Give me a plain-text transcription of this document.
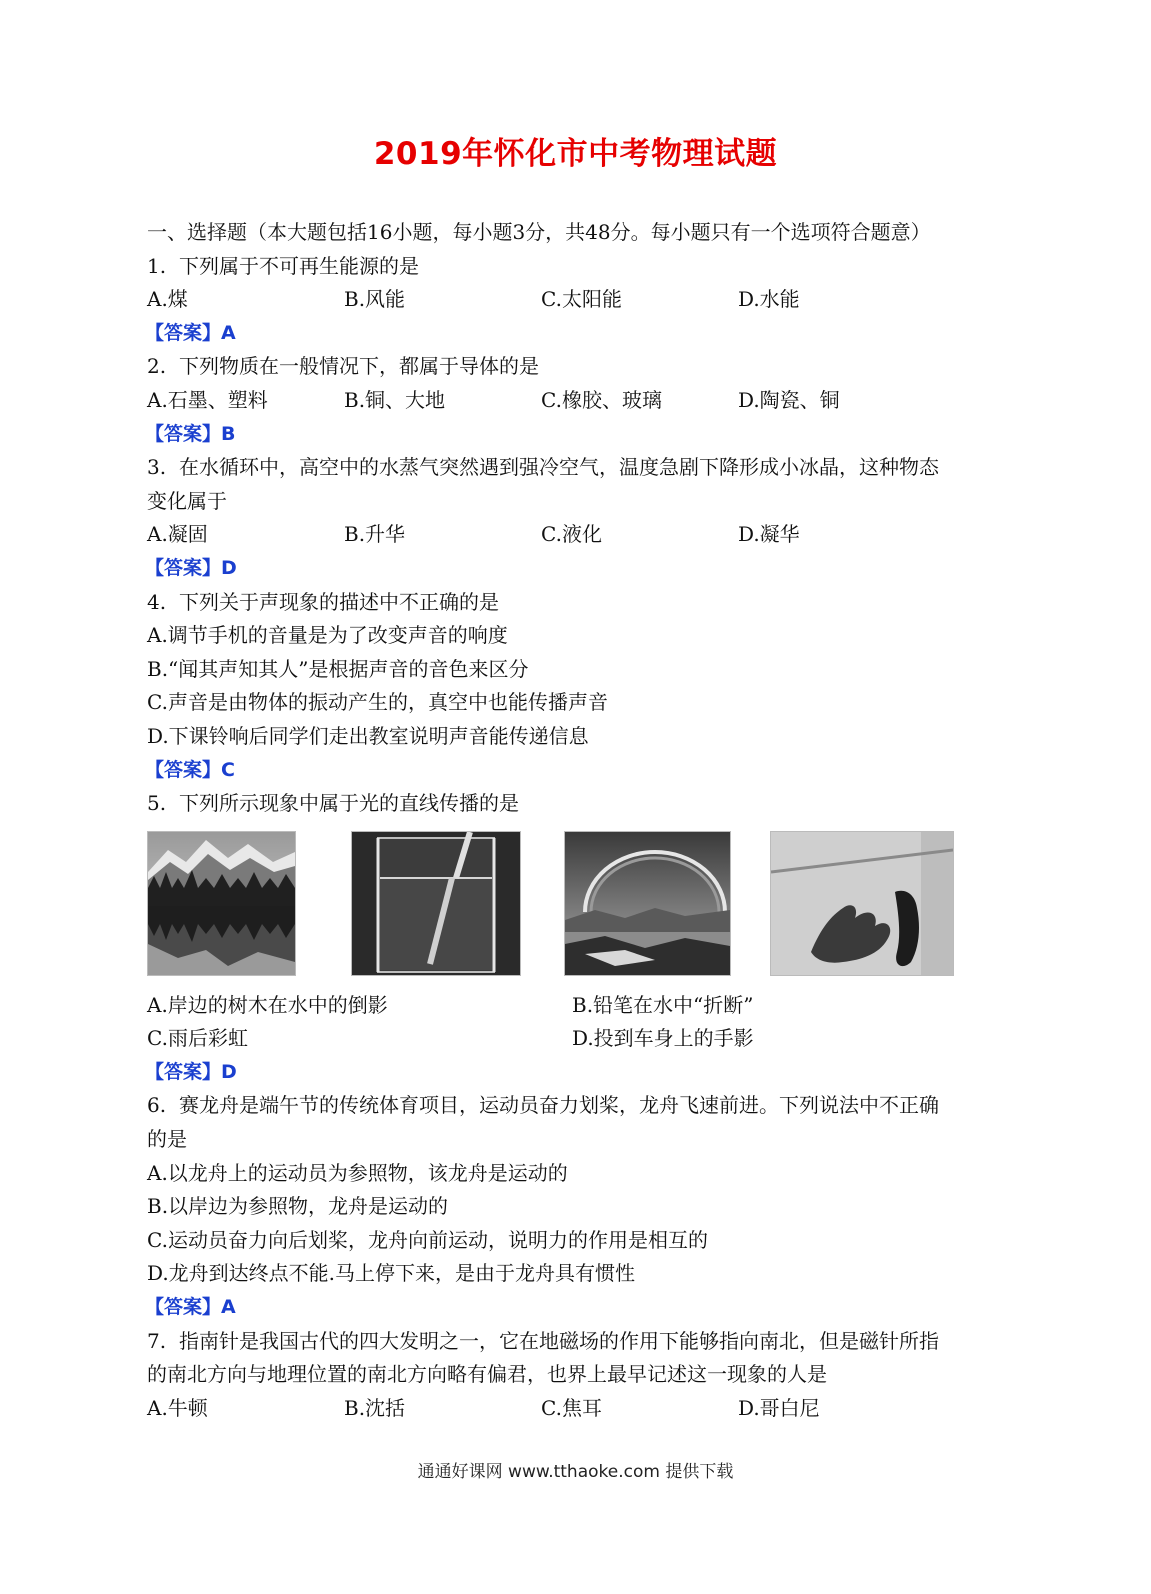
2019年怀化市中考物理试题
一、选择题（本大题包括16小题，每小题3分，共48分。每小题只有一个选项符合题意）
1. 下列属于不可再生能源的是
A.煤	B.风能	C.太阳能	D.水能
【答案】A
2. 下列物质在一般情况下，都属于导体的是
A.石墨、塑料	B.铜、大地	C.橡胶、玻璃	D.陶瓷、铜
【答案】B
3. 在水循环中，高空中的水蒸气突然遇到强冷空气，温度急剧下降形成小冰晶，这种物态
变化属于
A.凝固	B.升华	C.液化	D.凝华
【答案】D
4. 下列关于声现象的描述中不正确的是
A.调节手机的音量是为了改变声音的响度
B.“闻其声知其人”是根据声音的音色来区分
C.声音是由物体的振动产生的，真空中也能传播声音
D.下课铃响后同学们走出教室说明声音能传递信息
【答案】C
5. 下列所示现象中属于光的直线传播的是
A.岸边的树木在水中的倒影	B.铅笔在水中“折断”
C.雨后彩虹	D.投到车身上的手影
【答案】D
6. 赛龙舟是端午节的传统体育项目，运动员奋力划桨，龙舟飞速前进。下列说法中不正确
的是
A.以龙舟上的运动员为参照物，该龙舟是运动的
B.以岸边为参照物，龙舟是运动的
C.运动员奋力向后划桨，龙舟向前运动，说明力的作用是相互的
D.龙舟到达终点不能.马上停下来，是由于龙舟具有惯性
【答案】A
7. 指南针是我国古代的四大发明之一，它在地磁场的作用下能够指向南北，但是磁针所指
的南北方向与地理位置的南北方向略有偏君，也界上最早记述这一现象的人是
A.牛顿	B.沈括	C.焦耳	D.哥白尼
通通好课网 www.tthaoke.com 提供下载
